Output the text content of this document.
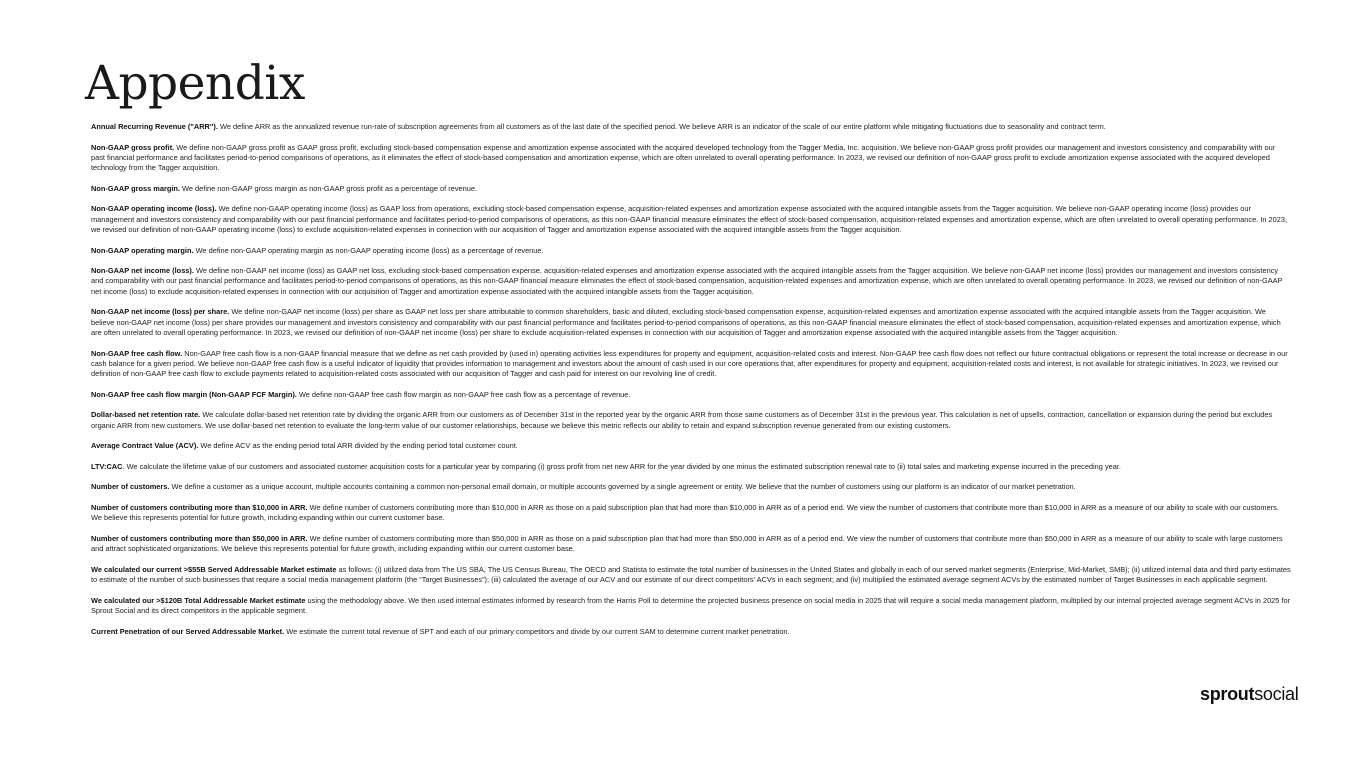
Appendix

Annual Recurring Revenue ("ARR"). We define ARR as the annualized revenue run-rate of subscription agreements from all customers as of the last date of the specified period. We believe ARR is an indicator of the scale of our entire platform while mitigating fluctuations due to seasonality and contract term.

Non-GAAP gross profit. We define non-GAAP gross profit as GAAP gross profit, excluding stock-based compensation expense and amortization expense associated with the acquired developed technology from the Tagger Media, Inc. acquisition. We believe non-GAAP gross profit provides our management and investors consistency and comparability with our past financial performance and facilitates period-to-period comparisons of operations, as it eliminates the effect of stock-based compensation and amortization expense, which are often unrelated to overall operating performance. In 2023, we revised our definition of non-GAAP gross profit to exclude amortization expense associated with the acquired developed technology from the Tagger acquisition.

Non-GAAP gross margin. We define non-GAAP gross margin as non-GAAP gross profit as a percentage of revenue.

Non-GAAP operating income (loss). We define non-GAAP operating income (loss) as GAAP loss from operations, excluding stock-based compensation expense, acquisition-related expenses and amortization expense associated with the acquired intangible assets from the Tagger acquisition. We believe non-GAAP operating income (loss) provides our management and investors consistency and comparability with our past financial performance and facilitates period-to-period comparisons of operations, as this non-GAAP financial measure eliminates the effect of stock-based compensation, acquisition-related expenses and amortization expense, which are often unrelated to overall operating performance. In 2023, we revised our definition of non-GAAP operating income (loss) to exclude acquisition-related expenses in connection with our acquisition of Tagger and amortization expense associated with the acquired intangible assets from the Tagger acquisition.

Non-GAAP operating margin. We define non-GAAP operating margin as non-GAAP operating income (loss) as a percentage of revenue.

Non-GAAP net income (loss). We define non-GAAP net income (loss) as GAAP net loss, excluding stock-based compensation expense, acquisition-related expenses and amortization expense associated with the acquired intangible assets from the Tagger acquisition. We believe non-GAAP net income (loss) provides our management and investors consistency and comparability with our past financial performance and facilitates period-to-period comparisons of operations, as this non-GAAP financial measure eliminates the effect of stock-based compensation, acquisition-related expenses and amortization expense, which are often unrelated to overall operating performance. In 2023, we revised our definition of non-GAAP net income (loss) to exclude acquisition-related expenses in connection with our acquisition of Tagger and amortization expense associated with the acquired intangible assets from the Tagger acquisition.

Non-GAAP net income (loss) per share. We define non-GAAP net income (loss) per share as GAAP net loss per share attributable to common shareholders, basic and diluted, excluding stock-based compensation expense, acquisition-related expenses and amortization expense associated with the acquired intangible assets from the Tagger acquisition. We believe non-GAAP net income (loss) per share provides our management and investors consistency and comparability with our past financial performance and facilitates period-to-period comparisons of operations, as this non-GAAP financial measure eliminates the effect of stock-based compensation, acquisition-related expenses and amortization expense, which are often unrelated to overall operating performance. In 2023, we revised our definition of non-GAAP net income (loss) per share to exclude acquisition-related expenses in connection with our acquisition of Tagger and amortization expense associated with the acquired intangible assets from the Tagger acquisition.

Non-GAAP free cash flow. Non-GAAP free cash flow is a non-GAAP financial measure that we define as net cash provided by (used in) operating activities less expenditures for property and equipment, acquisition-related costs and interest. Non-GAAP free cash flow does not reflect our future contractual obligations or represent the total increase or decrease in our cash balance for a given period. We believe non-GAAP free cash flow is a useful indicator of liquidity that provides information to management and investors about the amount of cash used in our core operations that, after expenditures for property and equipment, acquisition-related costs and interest, is not available for strategic initiatives. In 2023, we revised our definition of non-GAAP free cash flow to exclude payments related to acquisition-related costs associated with our acquisition of Tagger and cash paid for interest on our revolving line of credit.

Non-GAAP free cash flow margin (Non-GAAP FCF Margin). We define non-GAAP free cash flow margin as non-GAAP free cash flow as a percentage of revenue.

Dollar-based net retention rate. We calculate dollar-based net retention rate by dividing the organic ARR from our customers as of December 31st in the reported year by the organic ARR from those same customers as of December 31st in the previous year. This calculation is net of upsells, contraction, cancellation or expansion during the period but excludes organic ARR from new customers. We use dollar-based net retention to evaluate the long-term value of our customer relationships, because we believe this metric reflects our ability to retain and expand subscription revenue generated from our existing customers.

Average Contract Value (ACV). We define ACV as the ending period total ARR divided by the ending period total customer count.

LTV:CAC. We calculate the lifetime value of our customers and associated customer acquisition costs for a particular year by comparing (i) gross profit from net new ARR for the year divided by one minus the estimated subscription renewal rate to (ii) total sales and marketing expense incurred in the preceding year.

Number of customers. We define a customer as a unique account, multiple accounts containing a common non-personal email domain, or multiple accounts governed by a single agreement or entity. We believe that the number of customers using our platform is an indicator of our market penetration.

Number of customers contributing more than $10,000 in ARR. We define number of customers contributing more than $10,000 in ARR as those on a paid subscription plan that had more than $10,000 in ARR as of a period end. We view the number of customers that contribute more than $10,000 in ARR as a measure of our ability to scale with our customers. We believe this represents potential for future growth, including expanding within our current customer base.

Number of customers contributing more than $50,000 in ARR. We define number of customers contributing more than $50,000 in ARR as those on a paid subscription plan that had more than $50,000 in ARR as of a period end. We view the number of customers that contribute more than $50,000 in ARR as a measure of our ability to scale with large customers and attract sophisticated organizations. We believe this represents potential for future growth, including expanding within our current customer base.

We calculated our current >$55B Served Addressable Market estimate as follows: (i) utilized data from The US SBA, The US Census Bureau, The OECD and Statista to estimate the total number of businesses in the United States and globally in each of our served market segments (Enterprise, Mid-Market, SMB); (ii) utilized internal data and third party estimates to estimate of the number of such businesses that require a social media management platform (the “Target Businesses”); (iii) calculated the average of our ACV and our estimate of our direct competitors' ACVs in each segment; and (iv) multiplied the estimated average segment ACVs by the estimated number of Target Businesses in each applicable segment.

We calculated our >$120B Total Addressable Market estimate using the methodology above. We then used internal estimates informed by research from the Harris Poll to determine the projected business presence on social media in 2025 that will require a social media management platform, multiplied by our internal projected average segment ACVs in 2025 for Sprout Social and its direct competitors in the applicable segment.

Current Penetration of our Served Addressable Market. We estimate the current total revenue of SPT and each of our primary competitors and divide by our current SAM to determine current market penetration.

sproutsocial
